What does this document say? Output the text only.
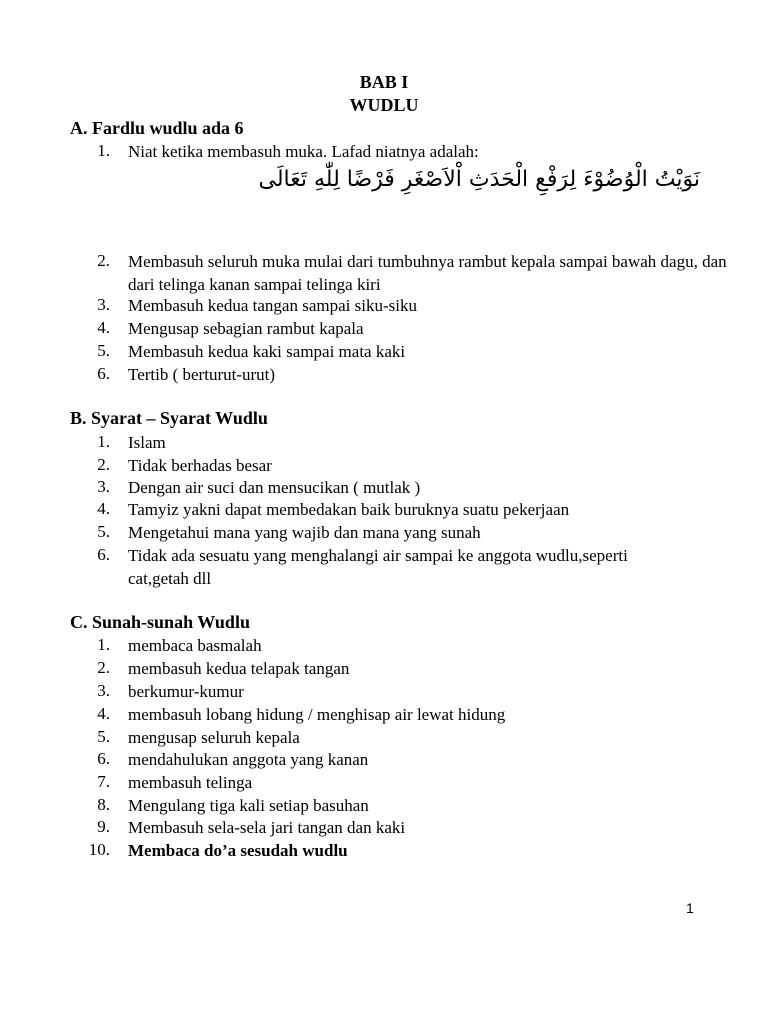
BAB I
WUDLU
A. Fardlu wudlu ada 6
1. Niat ketika membasuh muka. Lafad niatnya adalah:
نَوَيْتُ الْوُضُوْءَ لِرَفْعِ الْحَدَثِ اْلاَصْغَرِ فَرْضًا لِلّٰهِ تَعَالَى
2. Membasuh seluruh muka mulai dari tumbuhnya rambut kepala sampai bawah dagu, dan dari telinga kanan sampai telinga kiri
3. Membasuh kedua tangan sampai siku-siku
4. Mengusap sebagian rambut kapala
5. Membasuh kedua kaki sampai mata kaki
6. Tertib ( berturut-urut)
B. Syarat – Syarat Wudlu
1. Islam
2. Tidak berhadas besar
3. Dengan air suci dan mensucikan ( mutlak )
4. Tamyiz yakni dapat membedakan baik buruknya suatu pekerjaan
5. Mengetahui mana yang wajib dan mana yang sunah
6. Tidak ada sesuatu yang menghalangi air sampai ke anggota wudlu,seperti cat,getah dll
C. Sunah-sunah Wudlu
1. membaca basmalah
2. membasuh kedua telapak tangan
3. berkumur-kumur
4. membasuh lobang hidung / menghisap air lewat hidung
5. mengusap seluruh kepala
6. mendahulukan anggota yang kanan
7. membasuh telinga
8. Mengulang tiga kali setiap basuhan
9. Membasuh sela-sela jari tangan dan kaki
10. Membaca do’a sesudah wudlu
1
